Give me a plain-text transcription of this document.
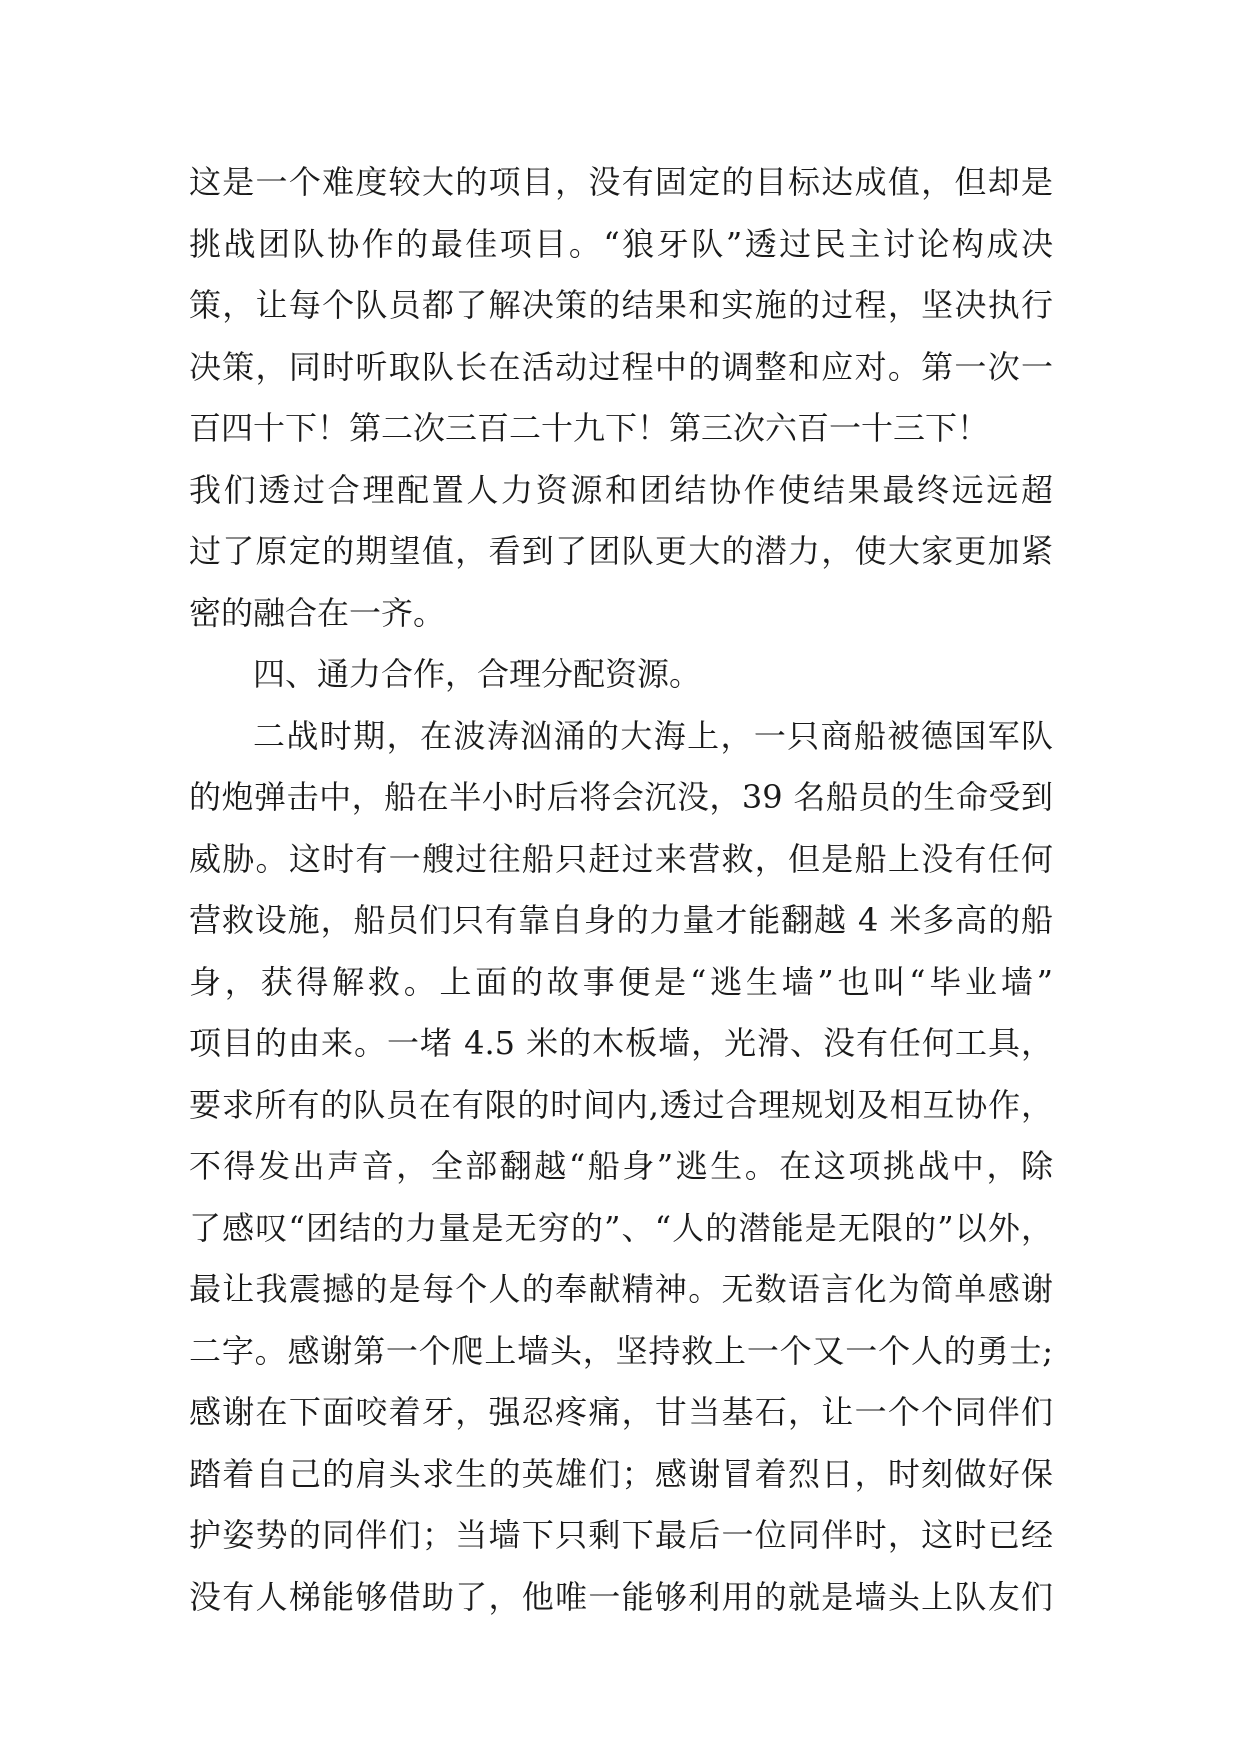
这是一个难度较大的项目，没有固定的目标达成值，但却是
挑战团队协作的最佳项目。“狼牙队”透过民主讨论构成决
策，让每个队员都了解决策的结果和实施的过程，坚决执行
决策，同时听取队长在活动过程中的调整和应对。第一次一
百四十下！第二次三百二十九下！第三次六百一十三下！
我们透过合理配置人力资源和团结协作使结果最终远远超
过了原定的期望值，看到了团队更大的潜力，使大家更加紧
密的融合在一齐。
四、通力合作，合理分配资源。
二战时期，在波涛汹涌的大海上，一只商船被德国军队
的炮弹击中，船在半小时后将会沉没，39 名船员的生命受到
威胁。这时有一艘过往船只赶过来营救，但是船上没有任何
营救设施，船员们只有靠自身的力量才能翻越 4 米多高的船
身，获得解救。上面的故事便是“逃生墙”也叫“毕业墙”
项目的由来。一堵 4.5 米的木板墙，光滑、没有任何工具，
要求所有的队员在有限的时间内,透过合理规划及相互协作，
不得发出声音，全部翻越“船身”逃生。在这项挑战中，除
了感叹“团结的力量是无穷的”、“人的潜能是无限的”以外，
最让我震撼的是每个人的奉献精神。无数语言化为简单感谢
二字。感谢第一个爬上墙头，坚持救上一个又一个人的勇士;
感谢在下面咬着牙，强忍疼痛，甘当基石，让一个个同伴们
踏着自己的肩头求生的英雄们；感谢冒着烈日，时刻做好保
护姿势的同伴们；当墙下只剩下最后一位同伴时，这时已经
没有人梯能够借助了，他唯一能够利用的就是墙头上队友们
